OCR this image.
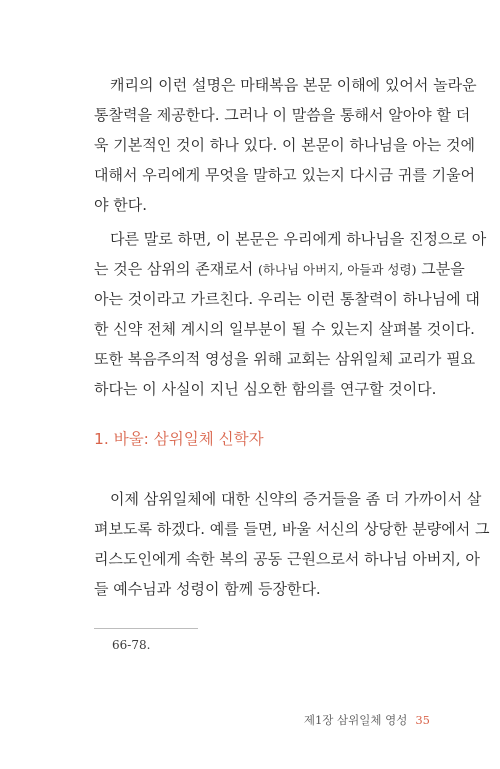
캐리의 이런 설명은 마태복음 본문 이해에 있어서 놀라운
통찰력을 제공한다. 그러나 이 말씀을 통해서 알아야 할 더
욱 기본적인 것이 하나 있다. 이 본문이 하나님을 아는 것에
대해서 우리에게 무엇을 말하고 있는지 다시금 귀를 기울어
야 한다.
다른 말로 하면, 이 본문은 우리에게 하나님을 진정으로 아
는 것은 삼위의 존재로서 (하나님 아버지, 아들과 성령) 그분을
아는 것이라고 가르친다. 우리는 이런 통찰력이 하나님에 대
한 신약 전체 계시의 일부분이 될 수 있는지 살펴볼 것이다.
또한 복음주의적 영성을 위해 교회는 삼위일체 교리가 필요
하다는 이 사실이 지닌 심오한 함의를 연구할 것이다.
1. 바울: 삼위일체 신학자
이제 삼위일체에 대한 신약의 증거들을 좀 더 가까이서 살
펴보도록 하겠다. 예를 들면, 바울 서신의 상당한 분량에서 그
리스도인에게 속한 복의 공동 근원으로서 하나님 아버지, 아
들 예수님과 성령이 함께 등장한다.

66-78.

제1장 삼위일체 영성 35
